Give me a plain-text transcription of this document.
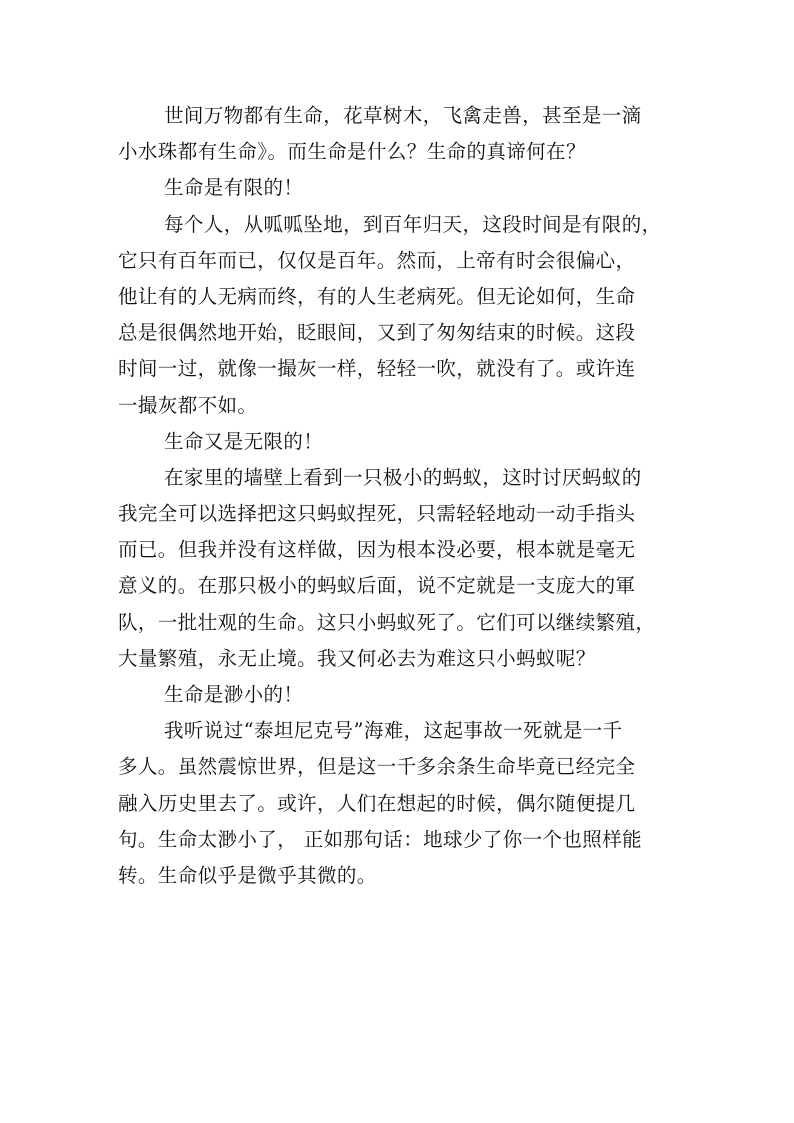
世间万物都有生命，花草树木，飞禽走兽，甚至是一滴
小水珠都有生命》。而生命是什么？生命的真谛何在？
生命是有限的！
每个人，从呱呱坠地，到百年归天，这段时间是有限的，
它只有百年而已，仅仅是百年。然而，上帝有时会很偏心，
他让有的人无病而终，有的人生老病死。但无论如何，生命
总是很偶然地开始，眨眼间，又到了匆匆结束的时候。这段
时间一过，就像一撮灰一样，轻轻一吹，就没有了。或许连
一撮灰都不如。
生命又是无限的！
在家里的墙壁上看到一只极小的蚂蚁，这时讨厌蚂蚁的
我完全可以选择把这只蚂蚁捏死，只需轻轻地动一动手指头
而已。但我并没有这样做，因为根本没必要，根本就是毫无
意义的。在那只极小的蚂蚁后面，说不定就是一支庞大的軍
队，一批壮观的生命。这只小蚂蚁死了。它们可以继续繁殖，
大量繁殖，永无止境。我又何必去为难这只小蚂蚁呢？
生命是渺小的！
我听说过“泰坦尼克号”海难，这起事故一死就是一千
多人。虽然震惊世界，但是这一千多余条生命毕竟已经完全
融入历史里去了。或许，人们在想起的时候，偶尔随便提几
句。生命太渺小了， 正如那句话：地球少了你一个也照样能
转。生命似乎是微乎其微的。
